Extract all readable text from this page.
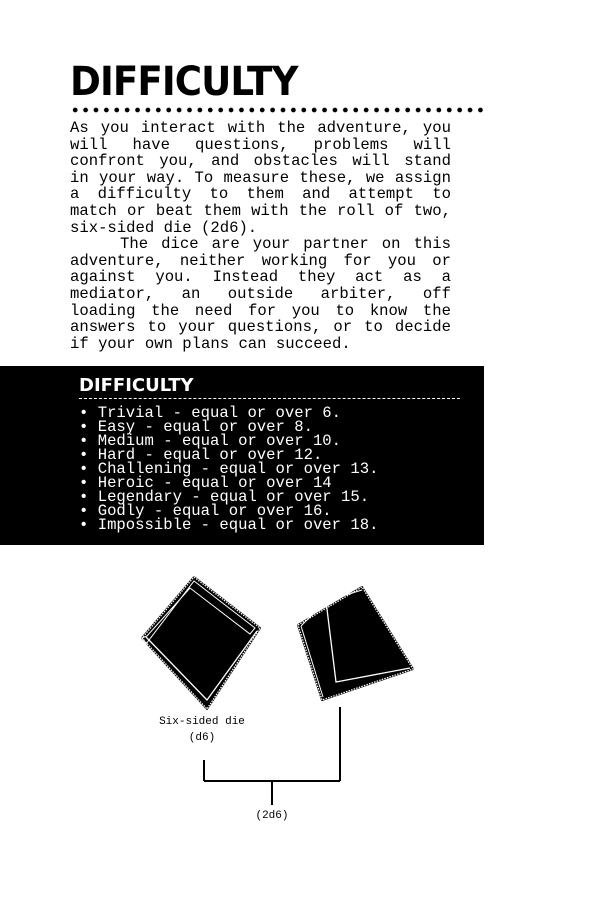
DIFFICULTY

As you interact with the adventure, you will have questions, problems will confront you, and obstacles will stand in your way. To measure these, we assign a difficulty to them and attempt to match or beat them with the roll of two, six-sided die (2d6).

The dice are your partner on this adventure, neither working for you or against you. Instead they act as a mediator, an outside arbiter, off loading the need for you to know the answers to your questions, or to decide if your own plans can succeed.

DIFFICULTY
• Trivial - equal or over 6.
• Easy - equal or over 8.
• Medium - equal or over 10.
• Hard - equal or over 12.
• Challening - equal or over 13.
• Heroic - equal or over 14
• Legendary - equal or over 15.
• Godly - equal or over 16.
• Impossible - equal or over 18.
Six-sided die
(d6)
(2d6)
